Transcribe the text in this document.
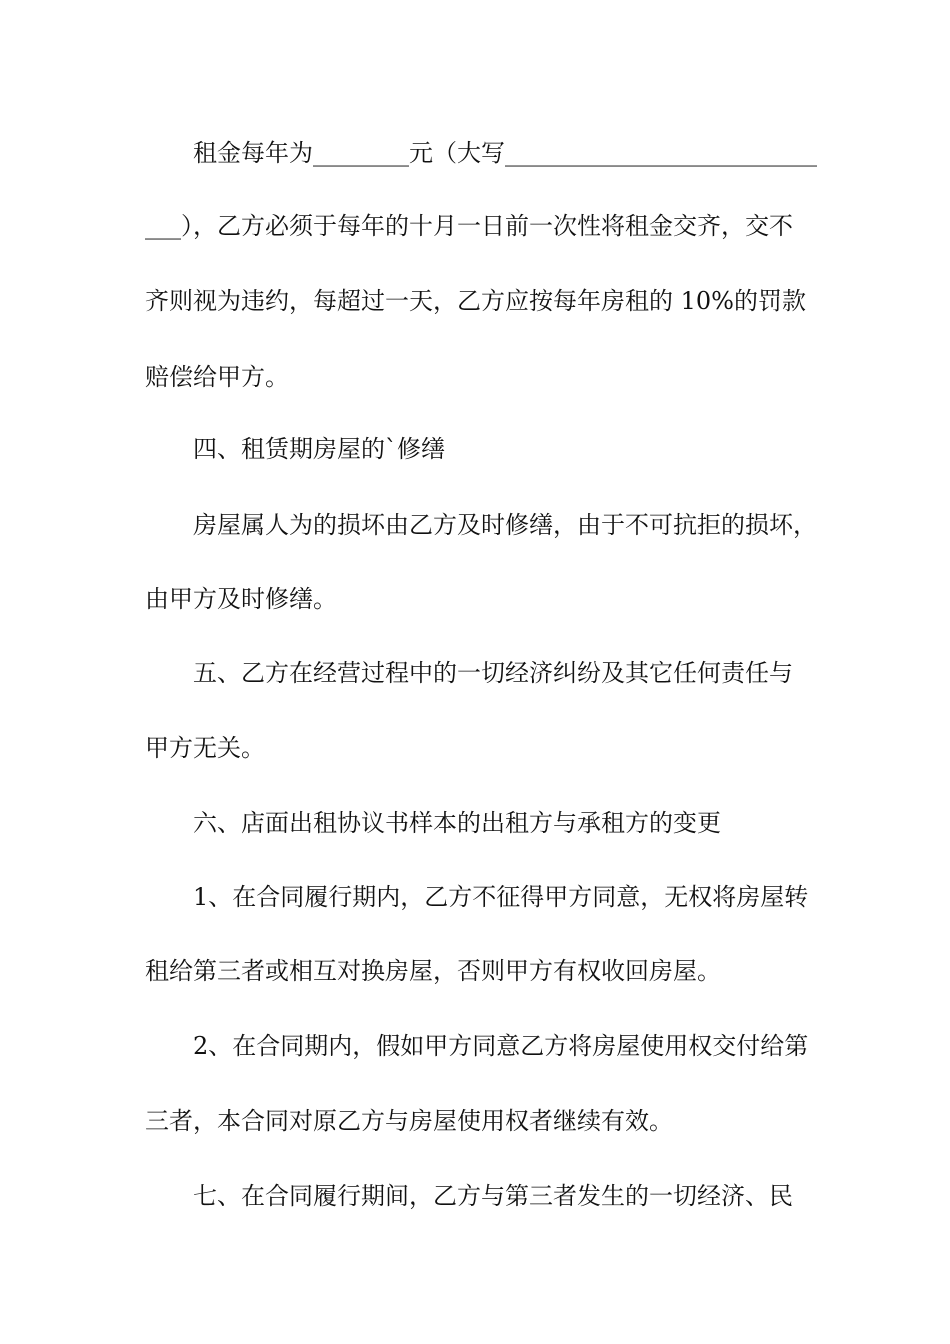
租金每年为________元（大写__________________________

___），乙方必须于每年的十月一日前一次性将租金交齐，交不

齐则视为违约，每超过一天，乙方应按每年房租的 10%的罚款

赔偿给甲方。

四、租赁期房屋的`修缮

房屋属人为的损坏由乙方及时修缮，由于不可抗拒的损坏，

由甲方及时修缮。

五、乙方在经营过程中的一切经济纠纷及其它任何责任与

甲方无关。

六、店面出租协议书样本的出租方与承租方的变更

1、在合同履行期内，乙方不征得甲方同意，无权将房屋转

租给第三者或相互对换房屋，否则甲方有权收回房屋。

2、在合同期内，假如甲方同意乙方将房屋使用权交付给第

三者，本合同对原乙方与房屋使用权者继续有效。

七、在合同履行期间，乙方与第三者发生的一切经济、民
